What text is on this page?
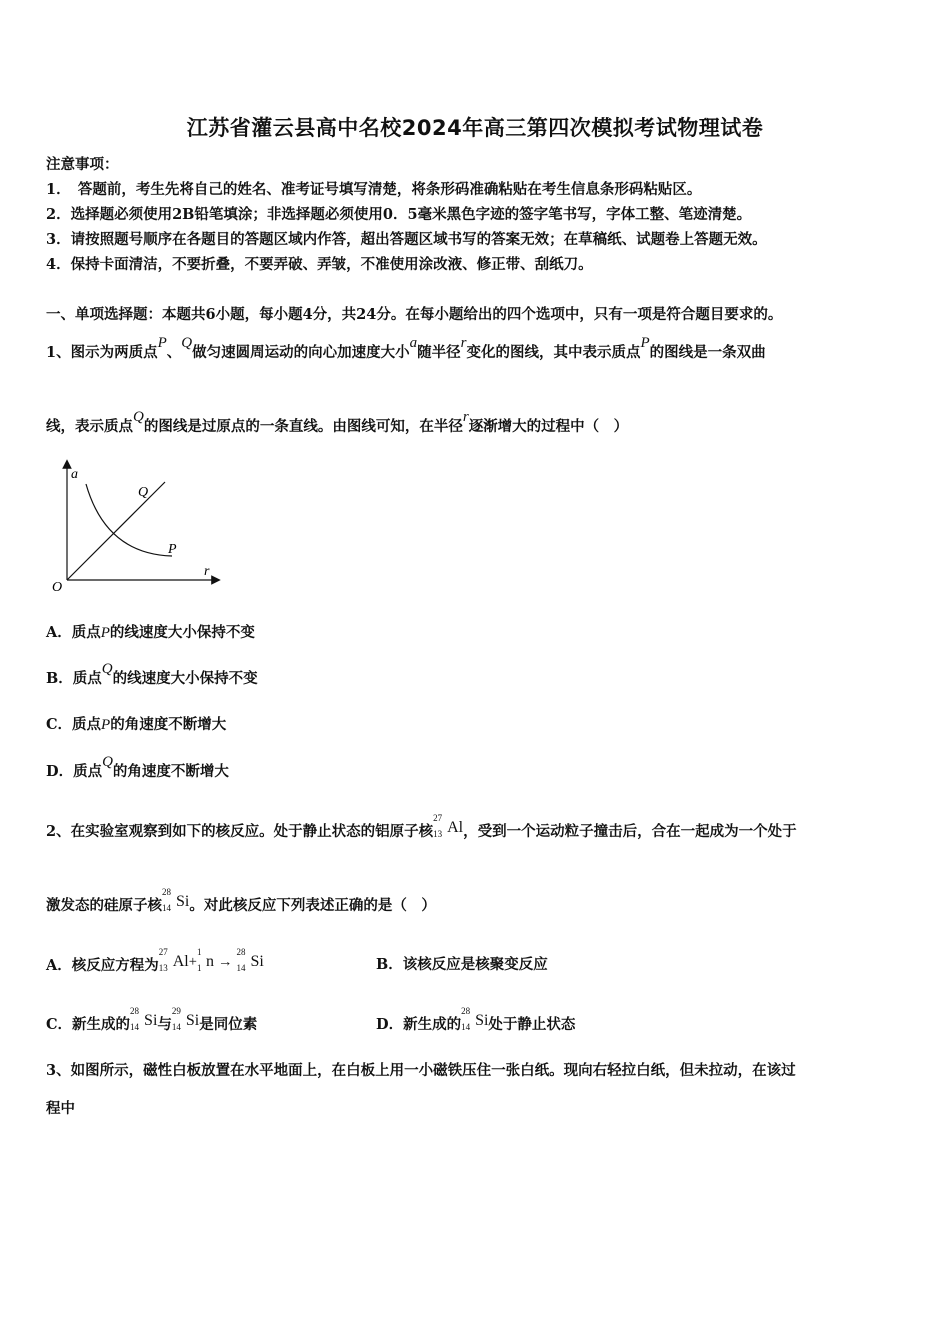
江苏省灌云县高中名校2024年高三第四次模拟考试物理试卷
注意事项：
1．　答题前，考生先将自己的姓名、准考证号填写清楚，将条形码准确粘贴在考生信息条形码粘贴区。
2．选择题必须使用2B铅笔填涂；非选择题必须使用0．5毫米黑色字迹的签字笔书写，字体工整、笔迹清楚。
3．请按照题号顺序在各题目的答题区域内作答，超出答题区域书写的答案无效；在草稿纸、试题卷上答题无效。
4．保持卡面清洁，不要折叠，不要弄破、弄皱，不准使用涂改液、修正带、刮纸刀。
一、单项选择题：本题共6小题，每小题4分，共24分。在每小题给出的四个选项中，只有一项是符合题目要求的。
1、图示为两质点P、Q做匀速圆周运动的向心加速度大小a随半径r变化的图线，其中表示质点P的图线是一条双曲
线，表示质点Q的图线是过原点的一条直线。由图线可知，在半径r逐渐增大的过程中（　）
a
r
O
Q
P
A．质点P的线速度大小保持不变
B．质点Q的线速度大小保持不变
C．质点P的角速度不断增大
D．质点Q的角速度不断增大
2、在实验室观察到如下的核反应。处于静止状态的铝原子核
27
13 Al，受到一个运动粒子撞击后，合在一起成为一个处于
激发态的硅原子核
28
14 Si。对此核反应下列表述正确的是（　）
A．核反应方程为
27
13 Al+
1
1 n →
28
14 Si	B．该核反应是核聚变反应
C．新生成的
28
14 Si与
29
14 Si是同位素	D．新生成的
28
14 Si处于静止状态
3、如图所示，磁性白板放置在水平地面上，在白板上用一小磁铁压住一张白纸。现向右轻拉白纸，但未拉动，在该过
程中
